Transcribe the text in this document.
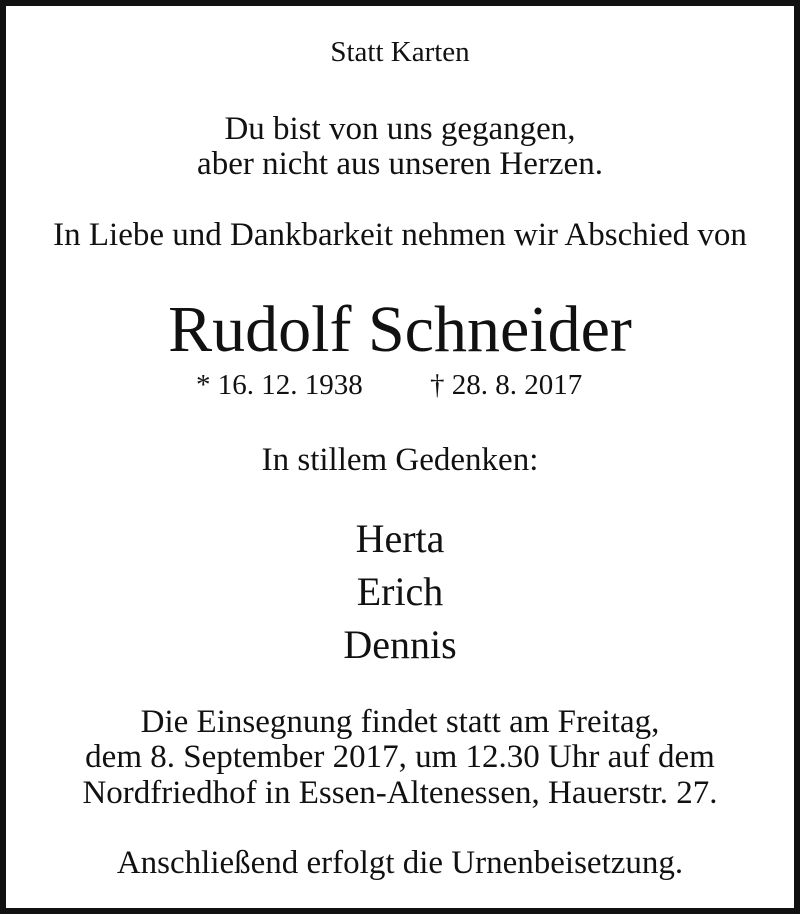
Statt Karten
Du bist von uns gegangen,
aber nicht aus unseren Herzen.
In Liebe und Dankbarkeit nehmen wir Abschied von
Rudolf Schneider
* 16. 12. 1938 † 28. 8. 2017
In stillem Gedenken:
Herta
Erich
Dennis
Die Einsegnung findet statt am Freitag,
dem 8. September 2017, um 12.30 Uhr auf dem
Nordfriedhof in Essen-Altenessen, Hauerstr. 27.
Anschließend erfolgt die Urnenbeisetzung.
